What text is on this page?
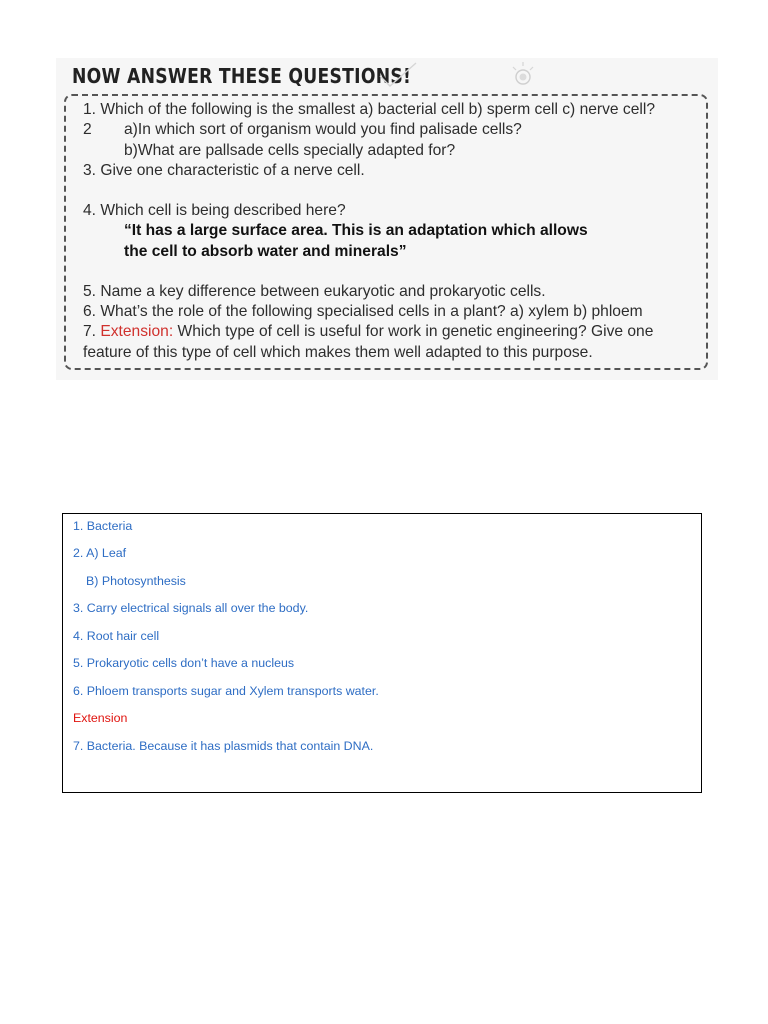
NOW ANSWER THESE QUESTIONS!
1. Which of the following is the smallest a) bacterial cell b) sperm cell c) nerve cell?
2 a)In which sort of organism would you find palisade cells?
b)What are pallsade cells specially adapted for?
3. Give one characteristic of a nerve cell.
4. Which cell is being described here?
“It has a large surface area. This is an adaptation which allows
the cell to absorb water and minerals”
5. Name a key difference between eukaryotic and prokaryotic cells.
6. What’s the role of the following specialised cells in a plant? a) xylem b) phloem
7. Extension: Which type of cell is useful for work in genetic engineering? Give one
feature of this type of cell which makes them well adapted to this purpose.
1. Bacteria
2. A) Leaf
B) Photosynthesis
3. Carry electrical signals all over the body.
4. Root hair cell
5. Prokaryotic cells don’t have a nucleus
6. Phloem transports sugar and Xylem transports water.
Extension
7. Bacteria. Because it has plasmids that contain DNA.
